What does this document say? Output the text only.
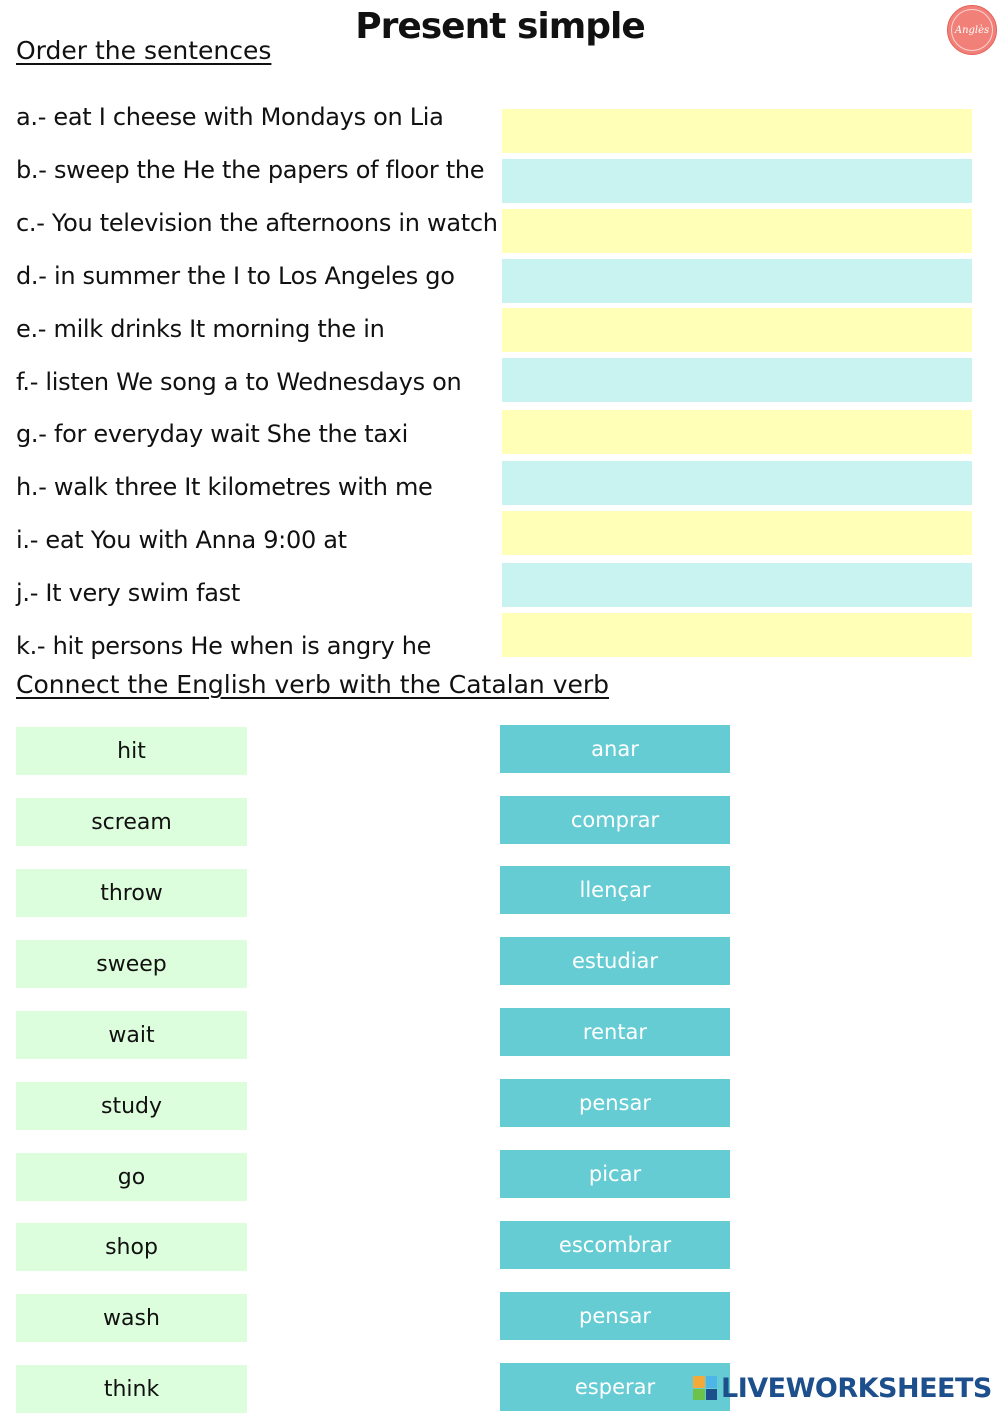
Present simple	Anglès
Order the sentences
a.- eat I cheese with Mondays on Lia
b.- sweep the He the papers of floor the
c.- You television the afternoons in watch
d.- in summer the I to Los Angeles go
e.- milk drinks It morning the in
f.- listen We song a to Wednesdays on
g.- for everyday wait She the taxi
h.- walk three It kilometres with me
i.- eat You with Anna 9:00 at
j.- It very swim fast
k.- hit persons He when is angry he
Connect the English verb with the Catalan verb
hit
scream
throw
sweep
wait
study
go
shop
wash
think
anar
comprar
llençar
estudiar
rentar
pensar
picar
escombrar
pensar
esperar	LIVEWORKSHEETS
